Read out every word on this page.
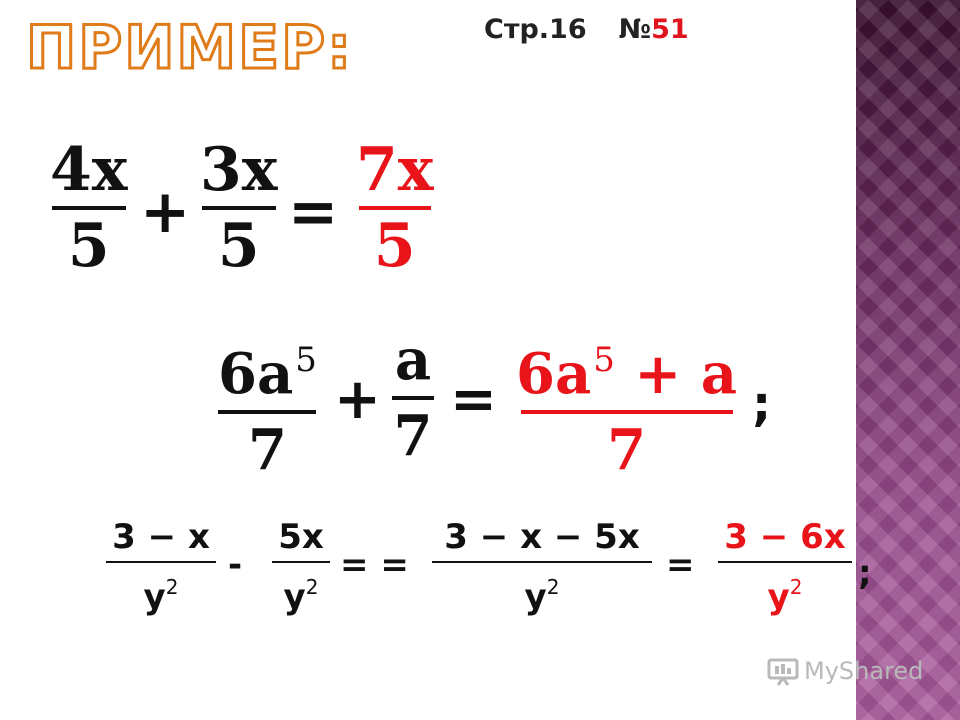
ПРИМЕР:	Стр.16 №51
4x
5 +
3x
5 =
7x
5
$6a^5$
7
+
a
7
= $6a^5 + a$
7
;
3 − x
$y^2$
-
5x
$y^2$
= =
3 − x − 5x
$y^2$
=
3 − 6x
$y^2$ ;
MyShared
